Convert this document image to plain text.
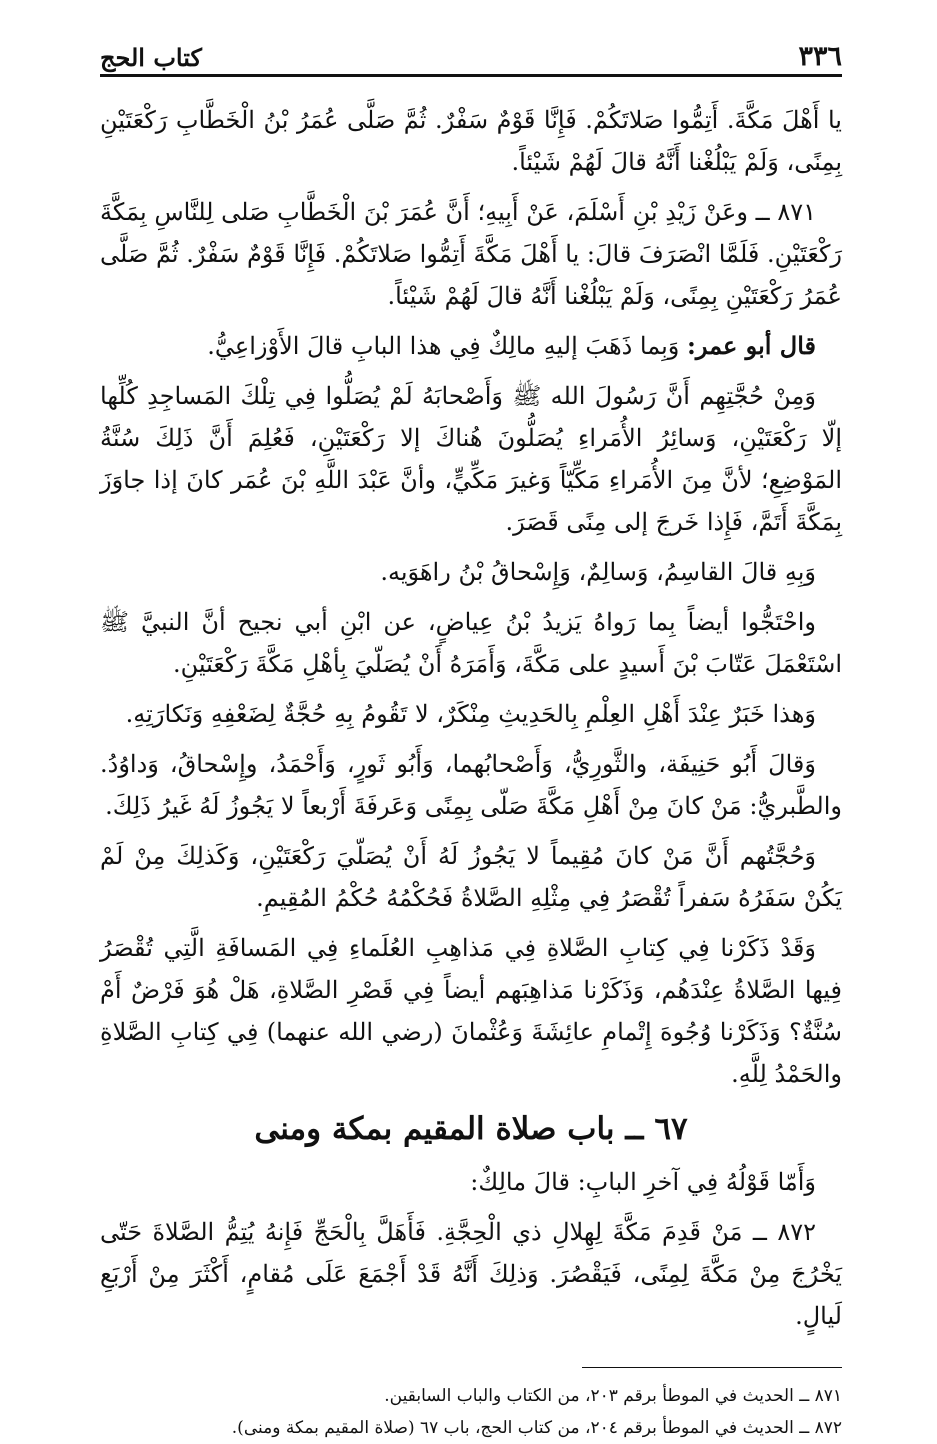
٣٣٦
كتاب الحج

يا أَهْلَ مَكَّةَ. أَتِمُّوا صَلاتَكُمْ. فَإِنَّا قَوْمٌ سَفْرٌ. ثُمَّ صَلَّى عُمَرُ بْنُ الْخَطَّابِ رَكْعَتَيْنِ بِمِنًى، وَلَمْ يَبْلُغْنا أَنَّهُ قالَ لَهُمْ شَيْئاً.

٨٧١ ــ وعَنْ زَيْدِ بْنِ أَسْلَمَ، عَنْ أَبِيهِ؛ أَنَّ عُمَرَ بْنَ الْخَطَّابِ صَلى لِلنَّاسِ بِمَكَّةَ رَكْعَتَيْنِ. فَلَمَّا انْصَرَفَ قالَ: يا أَهْلَ مَكَّةَ أَتِمُّوا صَلاتَكُمْ. فَإِنَّا قَوْمٌ سَفْرٌ. ثُمَّ صَلَّى عُمَرُ رَكْعَتَيْنِ بِمِنًى، وَلَمْ يَبْلُغْنا أَنَّهُ قالَ لَهُمْ شَيْئاً.

قال أبو عمر: وَبِما ذَهَبَ إليهِ مالِكٌ فِي هذا البابِ قالَ الأَوْزاعِيُّ.

وَمِنْ حُجَّتِهِم أَنَّ رَسُولَ الله ﷺ وَأَصْحابَهُ لَمْ يُصَلُّوا فِي تِلْكَ المَساجِدِ كُلِّها إلّا رَكْعَتَيْنِ، وَسائِرُ الأُمَراءِ يُصَلُّونَ هُناكَ إلا رَكْعَتَيْنِ، فَعُلِمَ أَنَّ ذَلِكَ سُنَّةُ المَوْضِعِ؛ لأنَّ مِنَ الأُمَراءِ مَكِّيّاً وَغيرَ مَكِّيٍّ، وأنَّ عَبْدَ اللَّهِ بْنَ عُمَر كانَ إذا جاوَزَ بِمَكَّةَ أَتَمَّ، فَإِذا خَرجَ إلى مِنًى قَصَرَ.

وَبِهِ قالَ القاسِمُ، وَسالِمٌ، وَإِسْحاقُ بْنُ راهَوَيه.

واحْتَجُّوا أيضاً بِما رَواهُ يَزيدُ بْنُ عِياضٍ، عن ابْنِ أبي نجيح أنَّ النبيَّ ﷺ اسْتَعْمَلَ عَتّابَ بْنَ أَسيدٍ على مَكَّةَ، وَأَمَرَهُ أَنْ يُصَلّيَ بِأهْلِ مَكَّةَ رَكْعَتَيْنِ.

وَهذا خَبَرٌ عِنْدَ أَهْلِ العِلْمِ بِالحَدِيثِ مِنْكَرٌ، لا تَقُومُ بِهِ حُجَّةٌ لِضَعْفِهِ وَنَكارَتِهِ.

وَقالَ أَبُو حَنِيفَة، والثَّورِيُّ، وَأَصْحابُهما، وَأَبُو ثَورٍ، وَأَحْمَدُ، وإِسْحاقُ، وَداوُدُ. والطَّبريُّ: مَنْ كانَ مِنْ أَهْلِ مَكَّةَ صَلّى بِمِنًى وَعَرفَةَ أَرْبعاً لا يَجُوزُ لَهُ غَيرُ ذَلِكَ.

وَحُجَّتُهم أَنَّ مَنْ كانَ مُقِيماً لا يَجُوزُ لَهُ أَنْ يُصَلّيَ رَكْعَتَيْنِ، وَكَذلِكَ مِنْ لَمْ يَكُنْ سَفَرُهُ سَفراً تُقْصَرُ فِي مِثْلِهِ الصَّلاةُ فَحُكْمُهُ حُكْمُ المُقِيمِ.

وَقَدْ ذَكَرْنا فِي كِتابِ الصَّلاةِ فِي مَذاهِبِ العُلَماءِ فِي المَسافَةِ الَّتِي تُقْصَرُ فِيها الصَّلاةُ عِنْدَهُم، وَذَكَرْنا مَذاهِبَهم أيضاً فِي قَصْرِ الصَّلاةِ، هَلْ هُوَ فَرْضٌ أَمْ سُنَّةٌ؟ وَذَكَرْنا وُجُوهَ إِتْمامِ عائِشَةَ وَعُثْمانَ (رضي الله عنهما) فِي كِتابِ الصَّلاةِ والحَمْدُ لِلَّهِ.

٦٧ ــ باب صلاة المقيم بمكة ومنى

وَأَمّا قَوْلُهُ فِي آخرِ البابِ: قالَ مالِكٌ:

٨٧٢ ــ مَنْ قَدِمَ مَكَّةَ لِهِلالِ ذي الْحِجَّةِ. فَأَهَلَّ بِالْحَجِّ فَإِنهُ يُتِمُّ الصَّلاةَ حَتّى يَخْرُجَ مِنْ مَكَّةَ لِمِنًى، فَيَقْصُرَ. وَذلِكَ أَنَّهُ قَدْ أَجْمَعَ عَلَى مُقامٍ، أَكْثَرَ مِنْ أَرْبَعِ لَيالٍ.

٨٧١ ــ الحديث في الموطأ برقم ٢٠٣، من الكتاب والباب السابقين.
٨٧٢ ــ الحديث في الموطأ برقم ٢٠٤، من كتاب الحج، باب ٦٧ (صلاة المقيم بمكة ومنى).
